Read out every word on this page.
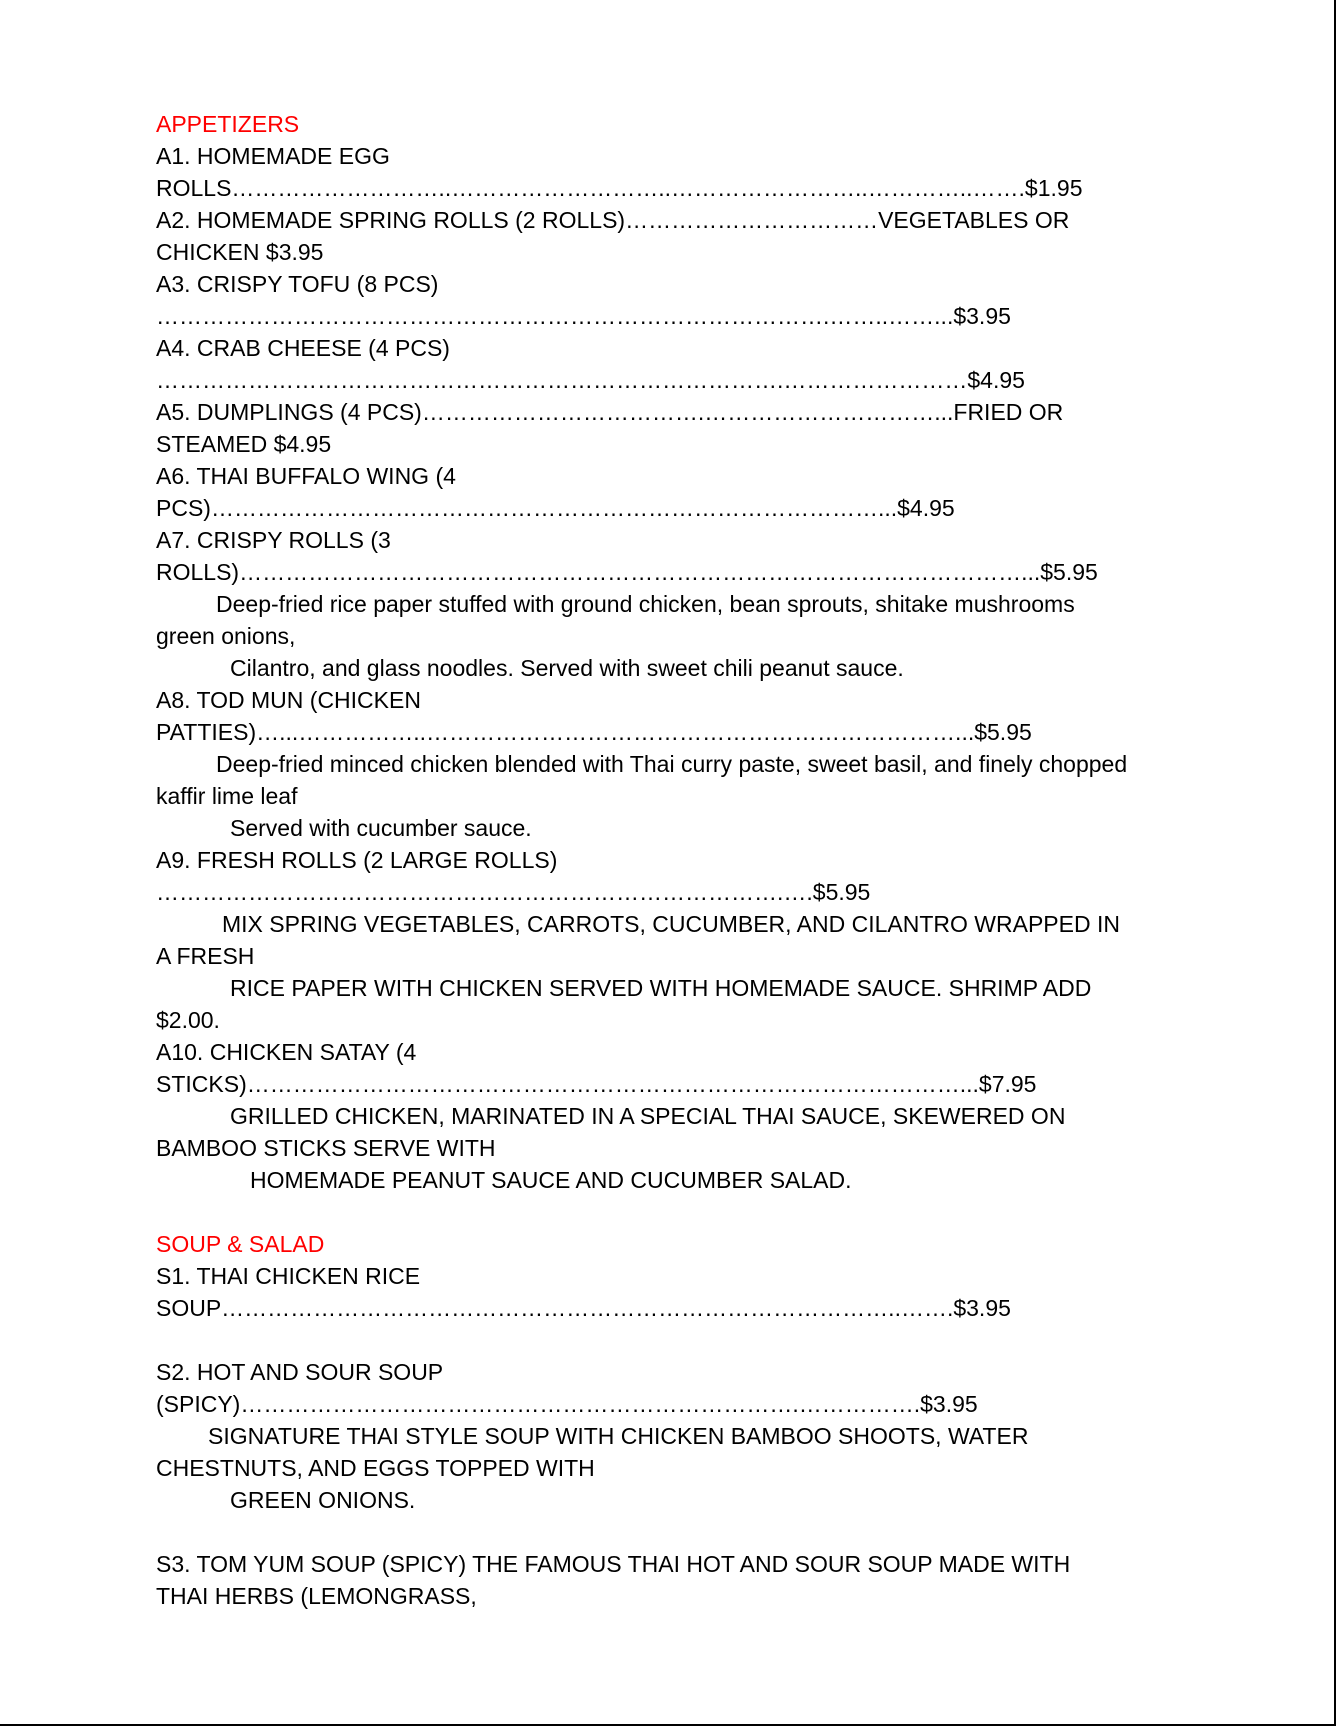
APPETIZERS
A1. HOMEMADE EGG
ROLLS………………………..………………………..……………………..…………..…….$1.95
A2. HOMEMADE SPRING ROLLS (2 ROLLS)……………………………VEGETABLES OR
CHICKEN $3.95
A3. CRISPY TOFU (8 PCS)
…………………………………………………………………………….……..……...$3.95
A4. CRAB CHEESE (4 PCS)
……………………………………………………………………….……………………$4.95
A5. DUMPLINGS (4 PCS)……………………………….…………………………...FRIED OR
STEAMED $4.95
A6. THAI BUFFALO WING (4
PCS)……………………………………………………………………………...$4.95
A7. CRISPY ROLLS (3
ROLLS)…………………………………………………………………………………………...$5.95
Deep-fried rice paper stuffed with ground chicken, bean sprouts, shitake mushrooms
green onions,
Cilantro, and glass noodles. Served with sweet chili peanut sauce.
A8. TOD MUN (CHICKEN
PATTIES)…...……………..……………………………………………………………...$5.95
Deep-fried minced chicken blended with Thai curry paste, sweet basil, and finely chopped
kaffir lime leaf
Served with cucumber sauce.
A9. FRESH ROLLS (2 LARGE ROLLS)
……………………………………………………………………….….$5.95
MIX SPRING VEGETABLES, CARROTS, CUCUMBER, AND CILANTRO WRAPPED IN
A FRESH
RICE PAPER WITH CHICKEN SERVED WITH HOMEMADE SAUCE. SHRIMP ADD
$2.00.
A10. CHICKEN SATAY (4
STICKS)…………………………………………………………………………………...$7.95
GRILLED CHICKEN, MARINATED IN A SPECIAL THAI SAUCE, SKEWERED ON
BAMBOO STICKS SERVE WITH
HOMEMADE PEANUT SAUCE AND CUCUMBER SALAD.
SOUP & SALAD
S1. THAI CHICKEN RICE
SOUP……………………………………………………………………………..…….$3.95
S2. HOT AND SOUR SOUP
(SPICY)……………………………………………………………….…………….$3.95
SIGNATURE THAI STYLE SOUP WITH CHICKEN BAMBOO SHOOTS, WATER
CHESTNUTS, AND EGGS TOPPED WITH
GREEN ONIONS.
S3. TOM YUM SOUP (SPICY) THE FAMOUS THAI HOT AND SOUR SOUP MADE WITH
THAI HERBS (LEMONGRASS,
